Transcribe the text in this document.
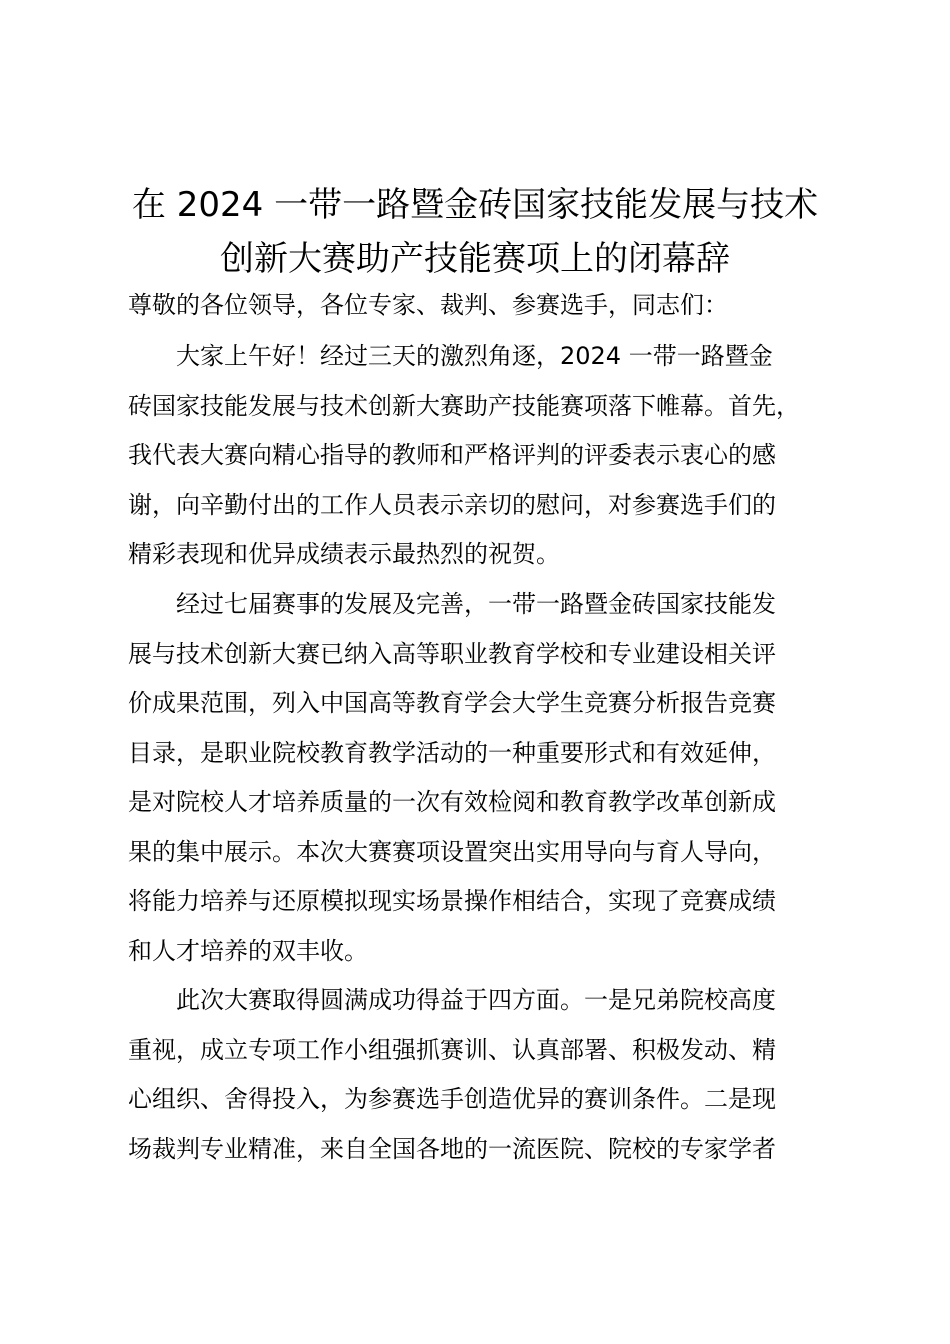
在 2024 一带一路暨金砖国家技能发展与技术
创新大赛助产技能赛项上的闭幕辞
尊敬的各位领导，各位专家、裁判、参赛选手，同志们：
大家上午好！经过三天的激烈角逐，2024 一带一路暨金
砖国家技能发展与技术创新大赛助产技能赛项落下帷幕。首先，
我代表大赛向精心指导的教师和严格评判的评委表示衷心的感
谢，向辛勤付出的工作人员表示亲切的慰问，对参赛选手们的
精彩表现和优异成绩表示最热烈的祝贺。
经过七届赛事的发展及完善，一带一路暨金砖国家技能发
展与技术创新大赛已纳入高等职业教育学校和专业建设相关评
价成果范围，列入中国高等教育学会大学生竞赛分析报告竞赛
目录，是职业院校教育教学活动的一种重要形式和有效延伸，
是对院校人才培养质量的一次有效检阅和教育教学改革创新成
果的集中展示。本次大赛赛项设置突出实用导向与育人导向，
将能力培养与还原模拟现实场景操作相结合，实现了竞赛成绩
和人才培养的双丰收。
此次大赛取得圆满成功得益于四方面。一是兄弟院校高度
重视，成立专项工作小组强抓赛训、认真部署、积极发动、精
心组织、舍得投入，为参赛选手创造优异的赛训条件。二是现
场裁判专业精准，来自全国各地的一流医院、院校的专家学者
